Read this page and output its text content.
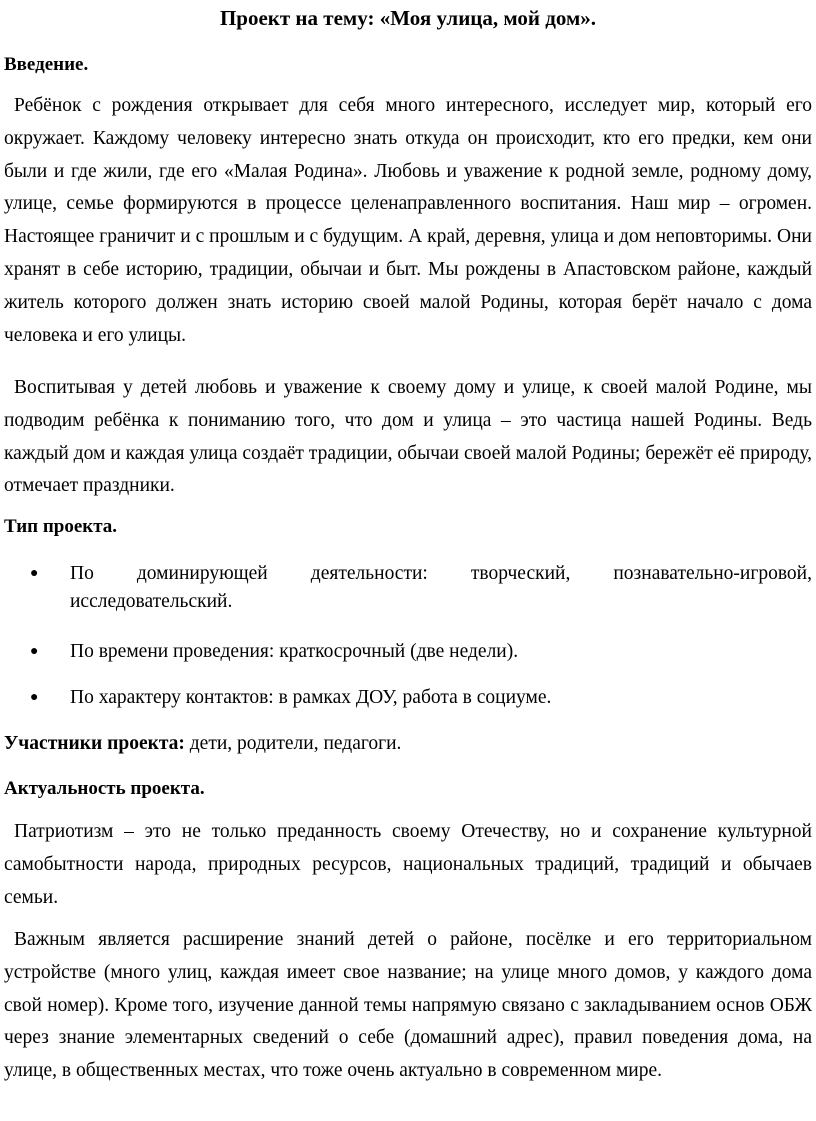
Проект на тему: «Моя улица, мой дом».
Введение.

Ребёнок с рождения открывает для себя много интересного, исследует мир, который его окружает. Каждому человеку интересно знать откуда он происходит, кто его предки, кем они были и где жили, где его «Малая Родина». Любовь и уважение к родной земле, родному дому, улице, семье формируются в процессе целенаправленного воспитания. Наш мир – огромен. Настоящее граничит и с прошлым и с будущим. А край, деревня, улица и дом неповторимы. Они хранят в себе историю, традиции, обычаи и быт. Мы рождены в Апастовском районе, каждый житель которого должен знать историю своей малой Родины, которая берёт начало с дома человека и его улицы.

Воспитывая у детей любовь и уважение к своему дому и улице, к своей малой Родине, мы подводим ребёнка к пониманию того, что дом и улица – это частица нашей Родины. Ведь каждый дом и каждая улица создаёт традиции, обычаи своей малой Родины; бережёт её природу, отмечает праздники.

Тип проекта.
●	По доминирующей деятельности: творческий, познавательно-игровой, исследовательский.
●	По времени проведения: краткосрочный (две недели).
●	По характеру контактов: в рамках ДОУ, работа в социуме.
Участники проекта: дети, родители, педагоги.
Актуальность проекта.

Патриотизм – это не только преданность своему Отечеству, но и сохранение культурной самобытности народа, природных ресурсов, национальных традиций, традиций и обычаев семьи.

Важным является расширение знаний детей о районе, посёлке и его территориальном устройстве (много улиц, каждая имеет свое название; на улице много домов, у каждого дома свой номер). Кроме того, изучение данной темы напрямую связано с закладыванием основ ОБЖ через знание элементарных сведений о себе (домашний адрес), правил поведения дома, на улице, в общественных местах, что тоже очень актуально в современном мире.
